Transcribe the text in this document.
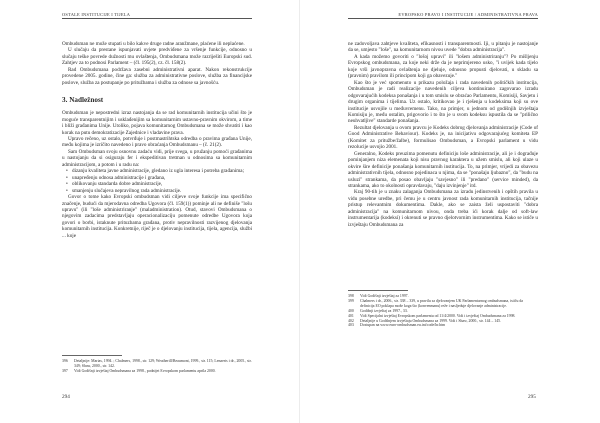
OSTALE INSTITUCIJE I TIJELA

Ombudsman ne može stupati u bilo kakve druge radne aranžmane, plaćene ili neplaćene.

U slučaju da prestane ispunjavati uvjete predviđene za vršenje funkcije, odnosno u slučaju teške povrede dužnosti mu ovlaštenja, Ombudsmana može razriješiti Europski sud. Zahtjev za to podnosi Parlament – (čl. 195(2), cz. čl. 158(2).

Rad Ombudsmana podržava zasebni administrativni aparat. Nakon rekonstrukcije provedene 2005. godine, čine ga: služba za administrativne poslove, služba za financijske poslove, služba za postupanje po pritužbama i služba za odnose sa javnošću.

3. Nadležnost

Ombudsman je nepostredni izraz nastojanja da se rad komunitarnih institucija učini što je moguće transparentnijim i usklađenijim sa komunitarnim ustavno-pravnim okvirom, a time i bliži građanima Unije. Utoliko, pojava komunitarnog Ombudsmana se može shvatiti i kao korak na putu demokratizacije Zajednice i vladavine prava.

Upravo rečeno, uz ostalo, potvrđuje i postmastrihtska odredba o pravima građana Unije, među kojima je izričito navedeno i pravo obraćanja Ombudsmanu – (č. 21(2).

Sam Ombudsman svoju osnovnu zadaću vidi, prije svega, u pružanju pomoći građanima u nastojanju da si osiguraju fer i ekspeditivan tretman u odnosima sa komunitarnim administracijom, a potom i u radu na:

• dizanju kvaliteta javne administracije, gledano iz ugla interesa i potreba građanima;
• unapređenju odnosa administracije i građana,
• oblikovanju standarda dobre administracije,
• smanjenju slučajeva nepravilnog rada administracije.

Govor o tome kako Evropski ombudsman vidi ciljeve svoje funkcije ima specifično značenje, budući da mjerodavna odredba Ugovora (čl. 159(1)) pominje ali ne definiše "lošu upravu" (ili "loše administriranje" (maladministration). Otud, stavovi Ombudsmana o njegovim zadacima predstavljaju operacionalizaciju pomenute odredbe Ugovora koja govori o borbi, istaknute prituzbama građana, protiv nepravilnosti razvijenog djelovanja komunitarnih institucija. Konkretnije, riječ je o djelovanju institucija, tijela, agencija, službi ... koje

396	Detaljnije: Marias, 1994. ; Chalmers, 1998., str. 129; Weatherill/Beaumont, 1999., str. 115; Lenaerts i dr., 2005., str. 349; Shaw, 2000., str. 142.
397	Vidi Godišnji izvještaj Ombudsmana za 1998., podnijet Evropskom parlamentu aprila 2000.
294
EVROPSKO PRAVO I INSTITUCIJE / ADMINISTRATIVNA PRAVA

ne zadovoljava zahtjeve kvaliteta, efikasnosti i transparentnosti. Iji, u pitanju je nastojanje da se, umjesto "loše", na komunitarnom nivou uvede "dobra administracija".

A kada možemo govoriti o "lošoj upravi" ili "lošem administriranju"? Po mišljenju Evropskog ombudsmana, za koje neki drže da je neprimjereno usko, "i uvijek kada tijelo koje vrši javnopravna ovlaštenja ne djeluje, odnosno propusti djelovati, u skladu sa (pravnim) pravilom ili principom koji ga obavezuje."

Kao što je već spomenuto u prikazu položaja i rada navedenih političkih institucija, Ombudsman je radi realizacije navedenih ciljeva kontinuirano zagovarao izradu odgovarajućih kodeksa ponašanja i u tom smislu se obraćao Parlamentu, Komisiji, Savjetu i drugim organima i tijelima. Uz ostalo, kritikovao je i rješenja u kodeksima koji su ove institucije usvojile u međuvremenu. Tako, na primjer, u jednom od godišnjih izvještaja Komisiju je, među ostalim, prigovorio i to što je u svom kodeksu ispustila da se "prilično neuhvatljive" standarde ponašanja.

Rezultat djelovanja u ovom pravcu je Kodeks dobrog djelovanja administracije (Code of Good Administrative Behaviour). Kodeks je, na inicijativu odgovarajućeg komiteta EP (Komitet za pritužbe/žalbe), formulisao Ombudsman, a Evropski parlament u vidu rezolucije usvojio 2001.

Generalno, Kodeks preuzima pomenutu definiciju loše administracije, ali je i dograđuje pominjanjem niza elemenata koji nisu pravnog karaktera u užem smislu, ali koji ulaze u okvire šire definicije ponašanja komunitarnih institucija. To, na primjer, vrijedi za obavezu administrativnih tijela, odnosno pojedinaca u njima, da se "ponašaju ljubazno", da "budu na usluzi" strankama, da posao obavljaju "savjesno" ili "predano" (service minded), da strankama, ako to okolnosti opravdavaju, "daju izvinjenje" itd.

Kraj 90-tih je u znaku zalaganja Ombudsmana za izradu jedinstvenih i opštih pravila u vidu posebne uredbe, pri čemu je u centru javnost rada komunitarnih institucija, tačnije pristup relevantnim dokumentima. Dakle, ako se zaista želi uspostaviti "dobra administracija" na komunitarnom nivou, onda treba ići korak dalje od soft-law instrumentarija (kodeksi) i okrenuti se pravno djelotvornim instrumentima. Kako se ističe u izvještaju Ombudsmana za

398	Vidi Godišnji izvještaj za 1997.
399	Chalmers i dr., 2006., str. 338 – 339, u pravilu sa djelovanjem UK Parlamentarnog ombudsmana, ističu da definicija EO poklapa može koga što (konvenmanu) reže i nasljeduje djelovanje administracije.
400	Godišnji izvještaj za 1997., 33.
401	Vidi Specijalni izvještaj Evropskom parlamentu od 11/4/2000. Vidi i izvještaj Ombudsmana za 1998.
402	Detaljnije u Godišnjem izvještaju Ombudsmana za 1999. Vidi i Shaw, 2000., str. 144 – 145.
403	Dostupan na www.euro-ombudsman.eu.int/code/hr.htm
295
